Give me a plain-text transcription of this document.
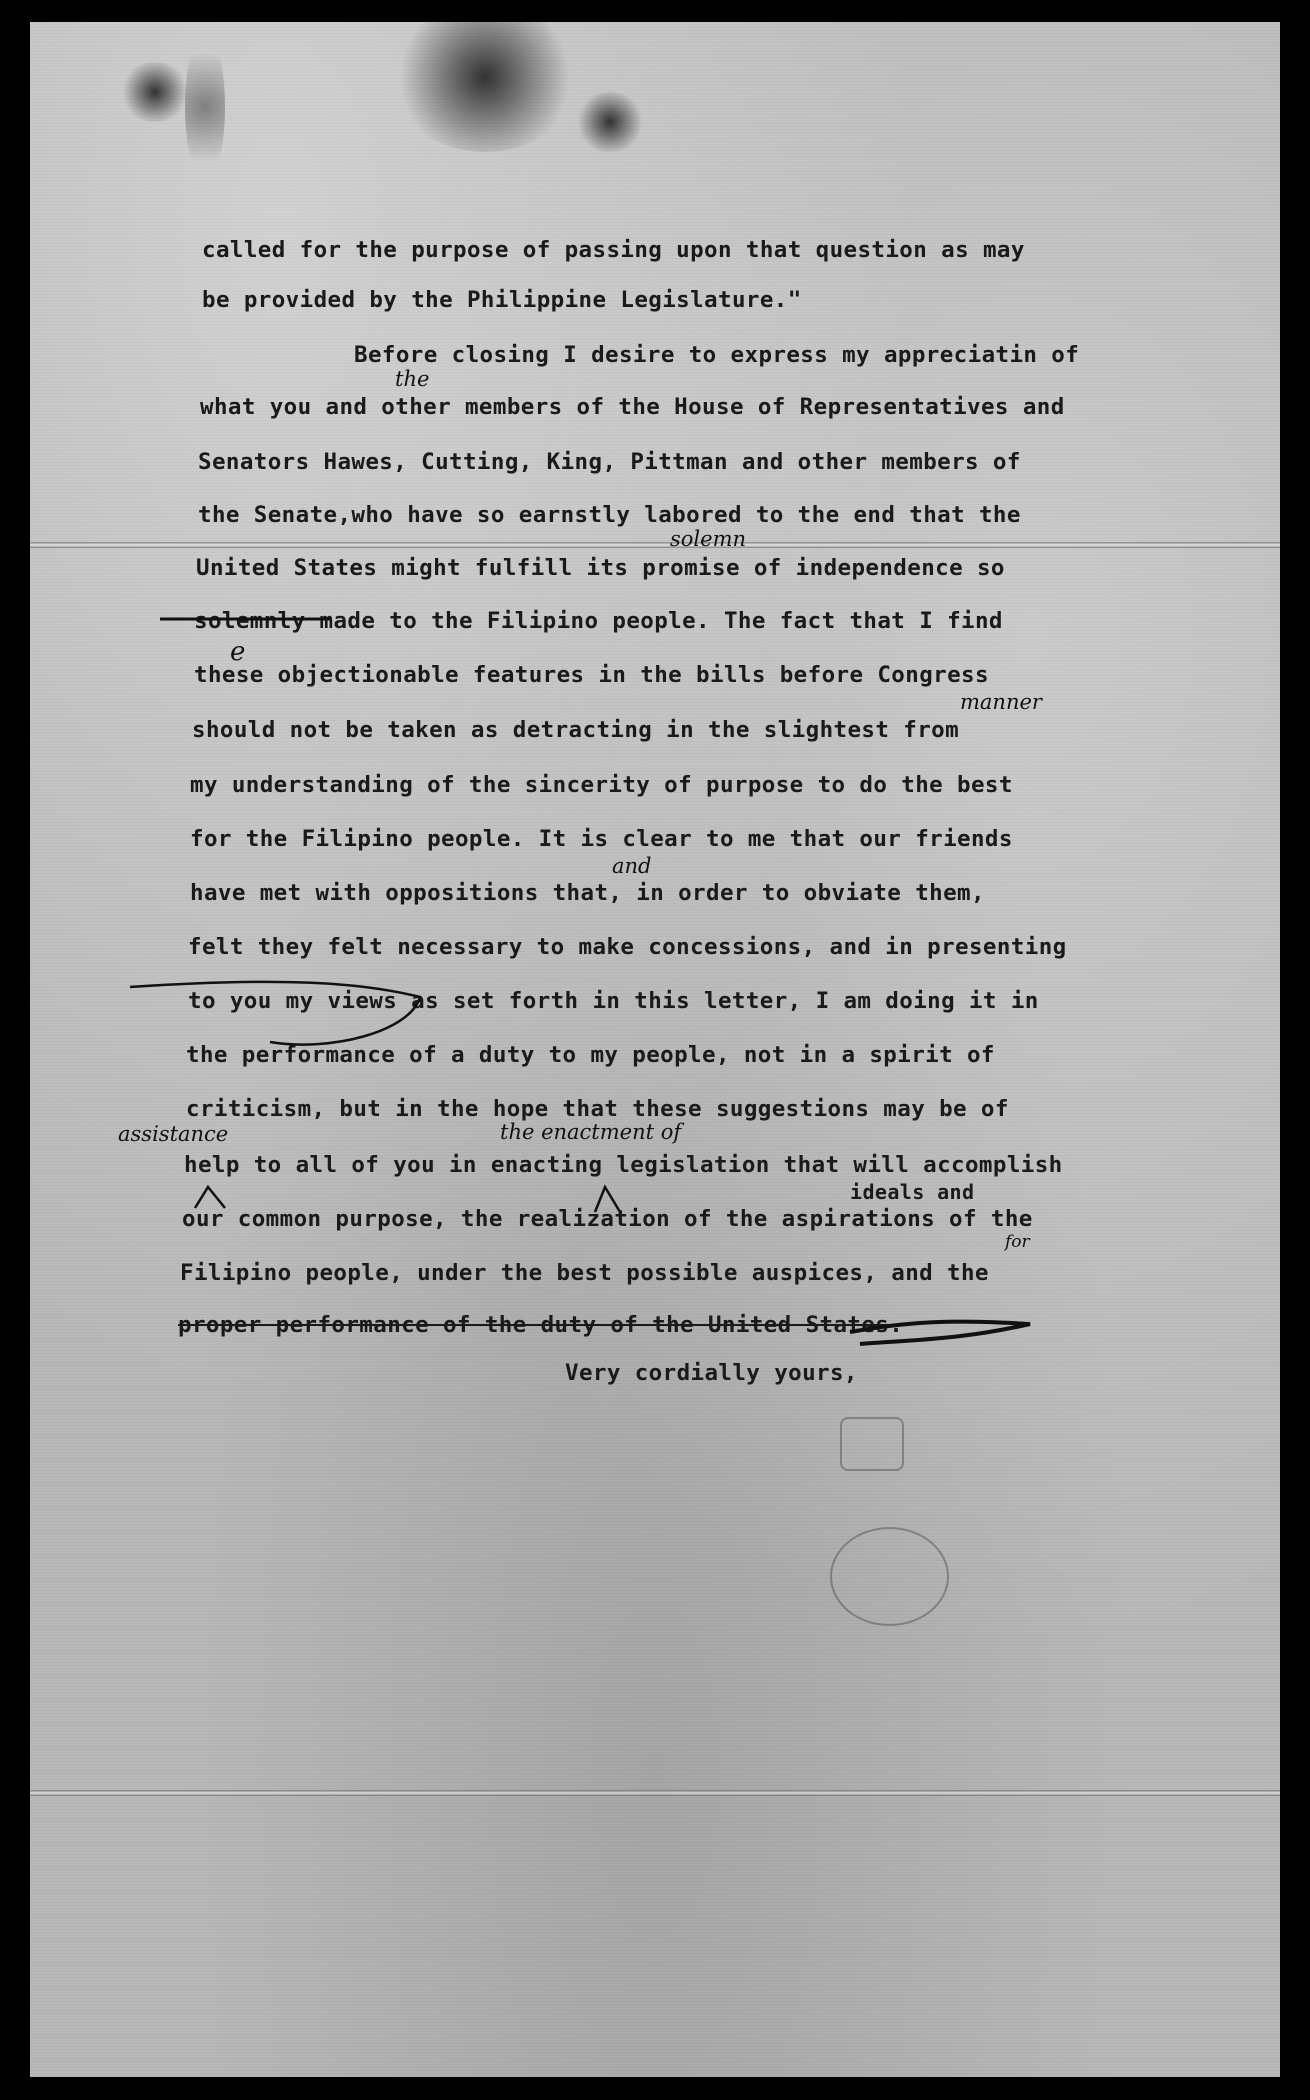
called for the purpose of passing upon that question as may
be provided by the Philippine Legislature."
Before closing I desire to express my appreciatin of
what you and other members of the House of Representatives and
Senators Hawes, Cutting, King, Pittman and other members of
the Senate,who have so earnstly labored to the end that the
United States might fulfill its promise of independence so
solemnly made to the Filipino people. The fact that I find
these objectionable features in the bills before Congress
should not be taken as detracting in the slightest from
my understanding of the sincerity of purpose to do the best
for the Filipino people. It is clear to me that our friends
have met with oppositions that, in order to obviate them,
felt they felt necessary to make concessions, and in presenting
to you my views as set forth in this letter, I am doing it in
the performance of a duty to my people, not in a spirit of
criticism, but in the hope that these suggestions may be of
help to all of you in enacting legislation that will accomplish
our common purpose, the realization of the aspirations of the
Filipino people, under the best possible auspices, and the
proper performance of the duty of the United States.
Very cordially yours,
the
solemn
e
manner
and
assistance	the enactment of
ideals and
for
